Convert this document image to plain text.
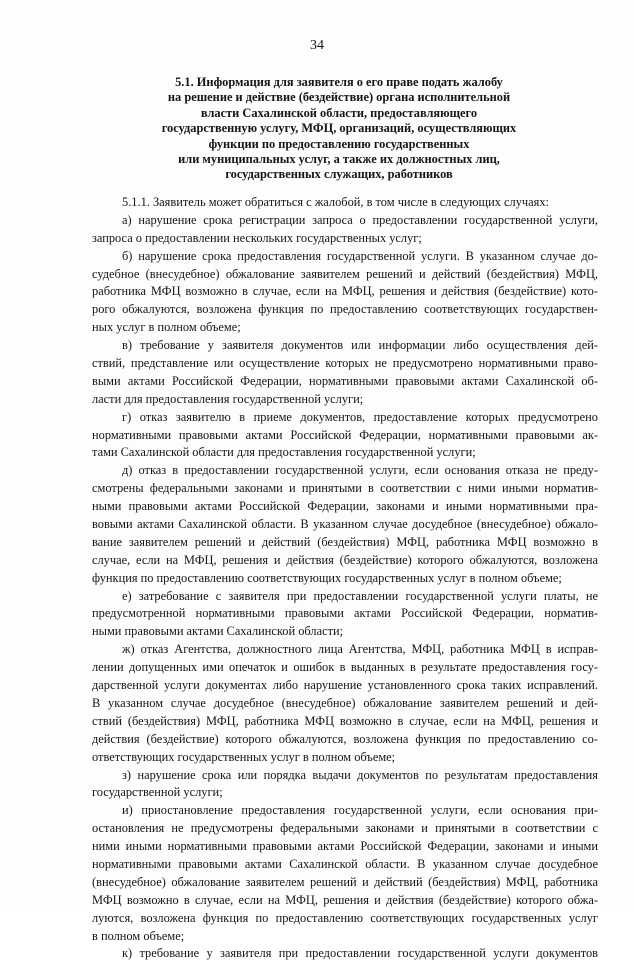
34
5.1. Информация для заявителя о его праве подать жалобу
на решение и действие (бездействие) органа исполнительной
власти Сахалинской области, предоставляющего
государственную услугу, МФЦ, организаций, осуществляющих
функции по предоставлению государственных
или муниципальных услуг, а также их должностных лиц,
государственных служащих, работников
5.1.1. Заявитель может обратиться с жалобой, в том числе в следующих случаях:
а) нарушение срока регистрации запроса о предоставлении государственной услуги,
запроса о предоставлении нескольких государственных услуг;
б) нарушение срока предоставления государственной услуги. В указанном случае до-
судебное (внесудебное) обжалование заявителем решений и действий (бездействия) МФЦ,
работника МФЦ возможно в случае, если на МФЦ, решения и действия (бездействие) кото-
рого обжалуются, возложена функция по предоставлению соответствующих государствен-
ных услуг в полном объеме;
в) требование у заявителя документов или информации либо осуществления дей-
ствий, представление или осуществление которых не предусмотрено нормативными право-
выми актами Российской Федерации, нормативными правовыми актами Сахалинской об-
ласти для предоставления государственной услуги;
г) отказ заявителю в приеме документов, предоставление которых предусмотрено
нормативными правовыми актами Российской Федерации, нормативными правовыми ак-
тами Сахалинской области для предоставления государственной услуги;
д) отказ в предоставлении государственной услуги, если основания отказа не преду-
смотрены федеральными законами и принятыми в соответствии с ними иными норматив-
ными правовыми актами Российской Федерации, законами и иными нормативными пра-
вовыми актами Сахалинской области. В указанном случае досудебное (внесудебное) обжало-
вание заявителем решений и действий (бездействия) МФЦ, работника МФЦ возможно в
случае, если на МФЦ, решения и действия (бездействие) которого обжалуются, возложена
функция по предоставлению соответствующих государственных услуг в полном объеме;
е) затребование с заявителя при предоставлении государственной услуги платы, не
предусмотренной нормативными правовыми актами Российской Федерации, норматив-
ными правовыми актами Сахалинской области;
ж) отказ Агентства, должностного лица Агентства, МФЦ, работника МФЦ в исправ-
лении допущенных ими опечаток и ошибок в выданных в результате предоставления госу-
дарственной услуги документах либо нарушение установленного срока таких исправлений.
В указанном случае досудебное (внесудебное) обжалование заявителем решений и дей-
ствий (бездействия) МФЦ, работника МФЦ возможно в случае, если на МФЦ, решения и
действия (бездействие) которого обжалуются, возложена функция по предоставлению со-
ответствующих государственных услуг в полном объеме;
з) нарушение срока или порядка выдачи документов по результатам предоставления
государственной услуги;
и) приостановление предоставления государственной услуги, если основания при-
остановления не предусмотрены федеральными законами и принятыми в соответствии с
ними иными нормативными правовыми актами Российской Федерации, законами и иными
нормативными правовыми актами Сахалинской области. В указанном случае досудебное
(внесудебное) обжалование заявителем решений и действий (бездействия) МФЦ, работника
МФЦ возможно в случае, если на МФЦ, решения и действия (бездействие) которого обжа-
луются, возложена функция по предоставлению соответствующих государственных услуг
в полном объеме;
к) требование у заявителя при предоставлении государственной услуги документов
